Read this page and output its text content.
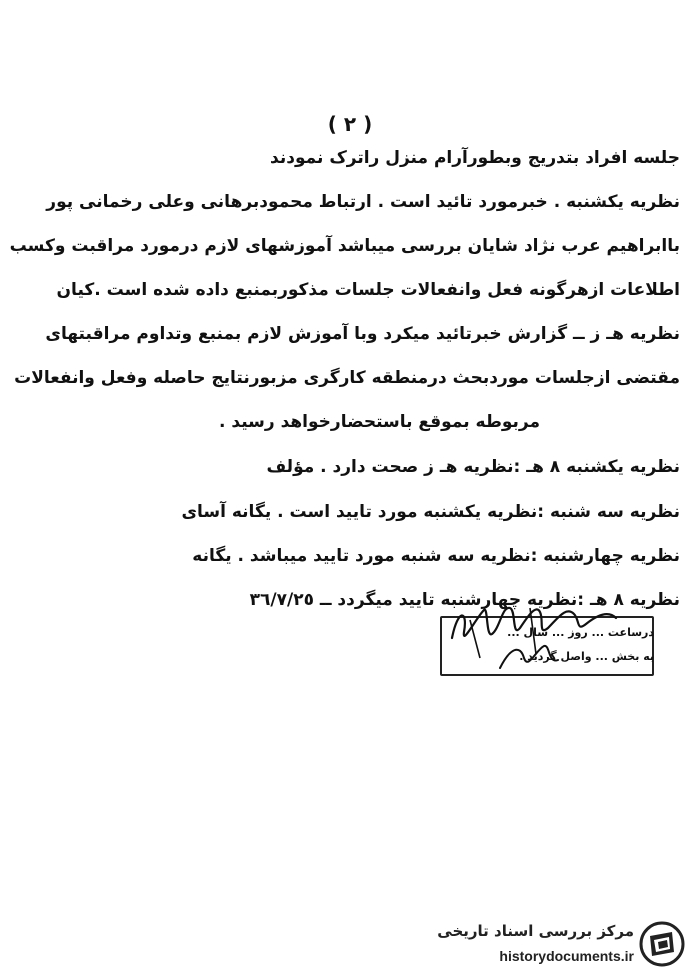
( ٢ )
جلسه افراد بتدریج وبطورآرام منزل راترک نمودند
نظریه یکشنبه . خبرمورد تائید است . ارتباط محمودبرهانی وعلی رخمانی پور
باابراهیم عرب نژاد شایان بررسی میباشد آموزشهای لازم درمورد مراقبت وکسب
اطلاعات ازهرگونه فعل وانفعالات جلسات مذکوربمنبع داده شده است .کیان
نظریه هـ ز ــ گزارش خبرتائید میکرد وبا آموزش لازم بمنبع وتداوم مراقبتهای
مقتضی ازجلسات موردبحث درمنطقه کارگری مزبورنتایج حاصله وفعل وانفعالات
مربوطه بموقع باستحضارخواهد رسید .
نظریه یکشنبه ٨ هـ :نظریه هـ ز صحت دارد . مؤلف
نظریه سه شنبه :نظریه یکشنبه مورد تایید است . یگانه آسای
نظریه چهارشنبه :نظریه سه شنبه مورد تایید میباشد . یگانه
نظریه ٨ هـ :نظریه چهارشنبه تایید میگردد ــ ٣٦/٧/٢٥
درساعت ... روز ... سال ...
به بخش ... واصل گردید .
مرکز بررسی اسناد تاریخی
historydocuments.ir
